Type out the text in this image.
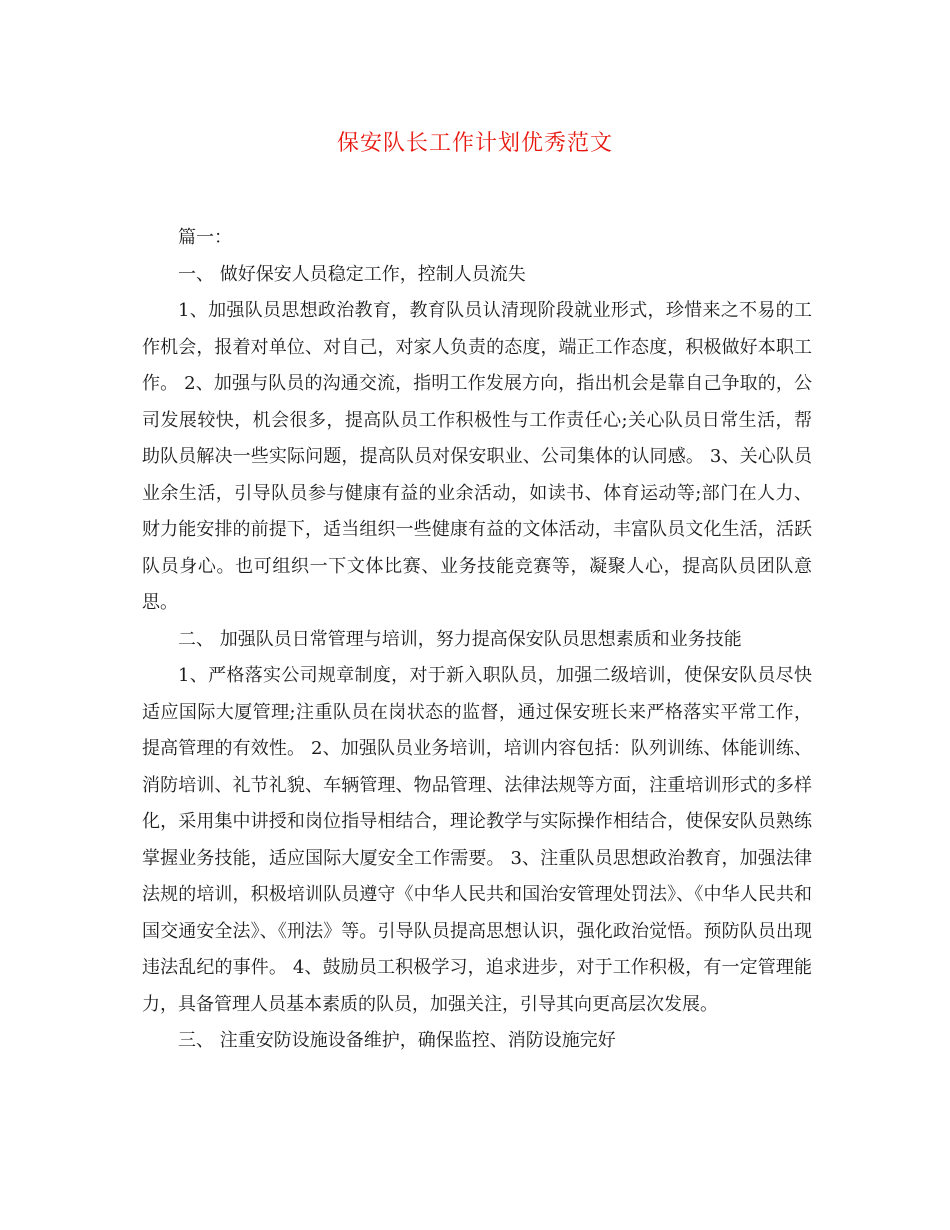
保安队长工作计划优秀范文

篇一：

一、 做好保安人员稳定工作，控制人员流失

1、加强队员思想政治教育，教育队员认清现阶段就业形式，珍惜来之不易的工作机会，报着对单位、对自己，对家人负责的态度，端正工作态度，积极做好本职工作。 2、加强与队员的沟通交流，指明工作发展方向，指出机会是靠自己争取的，公司发展较快，机会很多，提高队员工作积极性与工作责任心;关心队员日常生活，帮助队员解决一些实际问题，提高队员对保安职业、公司集体的认同感。 3、关心队员业余生活，引导队员参与健康有益的业余活动，如读书、体育运动等;部门在人力、财力能安排的前提下，适当组织一些健康有益的文体活动，丰富队员文化生活，活跃队员身心。也可组织一下文体比赛、业务技能竞赛等，凝聚人心，提高队员团队意思。

二、 加强队员日常管理与培训，努力提高保安队员思想素质和业务技能

1、严格落实公司规章制度，对于新入职队员，加强二级培训，使保安队员尽快适应国际大厦管理;注重队员在岗状态的监督，通过保安班长来严格落实平常工作，提高管理的有效性。 2、加强队员业务培训，培训内容包括：队列训练、体能训练、消防培训、礼节礼貌、车辆管理、物品管理、法律法规等方面，注重培训形式的多样化，采用集中讲授和岗位指导相结合，理论教学与实际操作相结合，使保安队员熟练掌握业务技能，适应国际大厦安全工作需要。 3、注重队员思想政治教育，加强法律法规的培训，积极培训队员遵守《中华人民共和国治安管理处罚法》、《中华人民共和国交通安全法》、《刑法》等。引导队员提高思想认识，强化政治觉悟。预防队员出现违法乱纪的事件。 4、鼓励员工积极学习，追求进步，对于工作积极，有一定管理能力，具备管理人员基本素质的队员，加强关注，引导其向更高层次发展。

三、 注重安防设施设备维护，确保监控、消防设施完好
